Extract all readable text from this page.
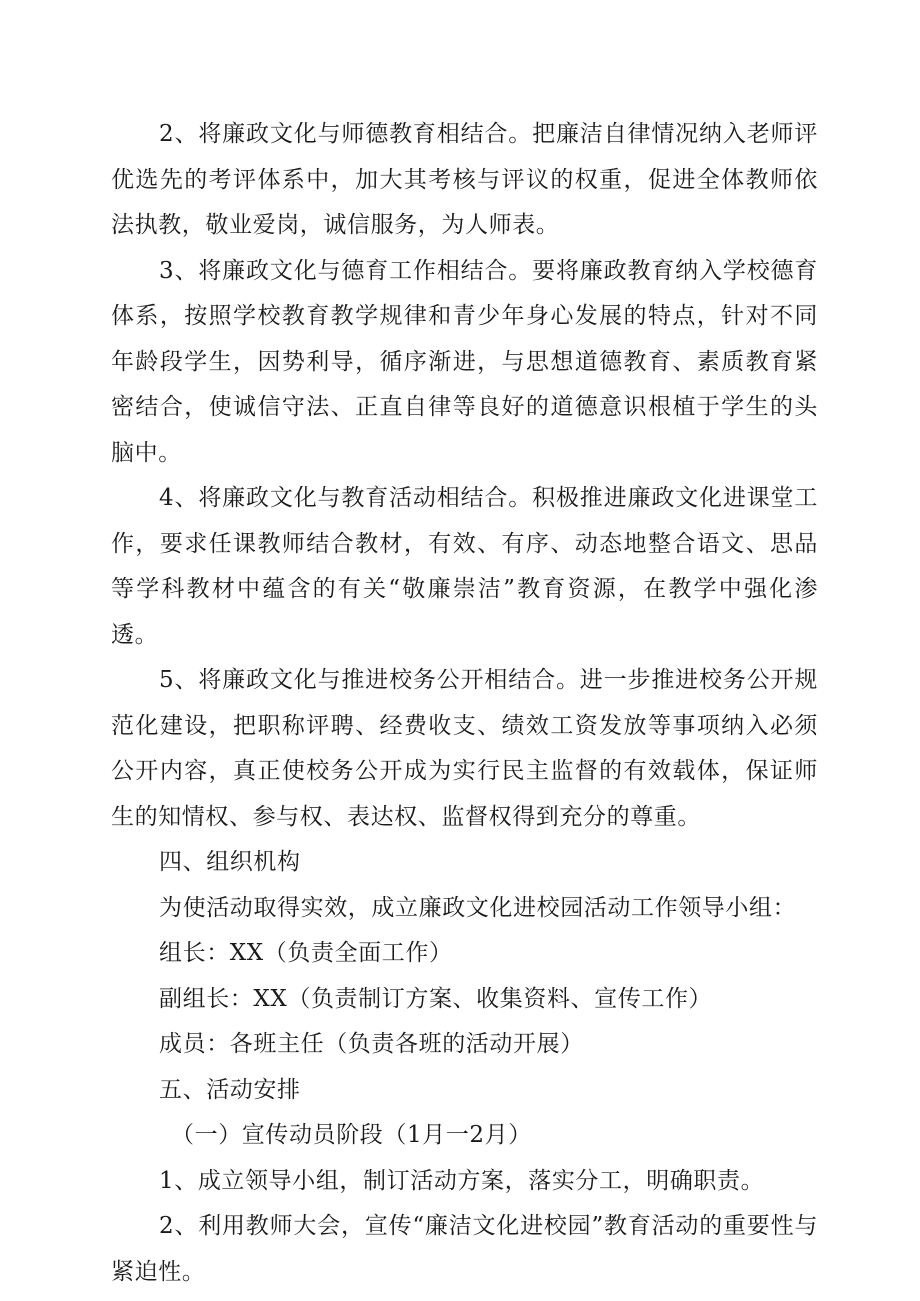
2、将廉政文化与师德教育相结合。把廉洁自律情况纳入老师评优选先的考评体系中，加大其考核与评议的权重，促进全体教师依法执教，敬业爱岗，诚信服务，为人师表。

3、将廉政文化与德育工作相结合。要将廉政教育纳入学校德育体系，按照学校教育教学规律和青少年身心发展的特点，针对不同年龄段学生，因势利导，循序渐进，与思想道德教育、素质教育紧密结合，使诚信守法、正直自律等良好的道德意识根植于学生的头脑中。

4、将廉政文化与教育活动相结合。积极推进廉政文化进课堂工作，要求任课教师结合教材，有效、有序、动态地整合语文、思品等学科教材中蕴含的有关“敬廉崇洁”教育资源，在教学中强化渗透。

5、将廉政文化与推进校务公开相结合。进一步推进校务公开规范化建设，把职称评聘、经费收支、绩效工资发放等事项纳入必须公开内容，真正使校务公开成为实行民主监督的有效载体，保证师生的知情权、参与权、表达权、监督权得到充分的尊重。

四、组织机构

为使活动取得实效，成立廉政文化进校园活动工作领导小组：

组长：XX（负责全面工作）

副组长：XX（负责制订方案、收集资料、宣传工作）

成员：各班主任（负责各班的活动开展）

五、活动安排

（一）宣传动员阶段（1月一2月）

1、成立领导小组，制订活动方案，落实分工，明确职责。

2、利用教师大会，宣传“廉洁文化进校园”教育活动的重要性与紧迫性。
